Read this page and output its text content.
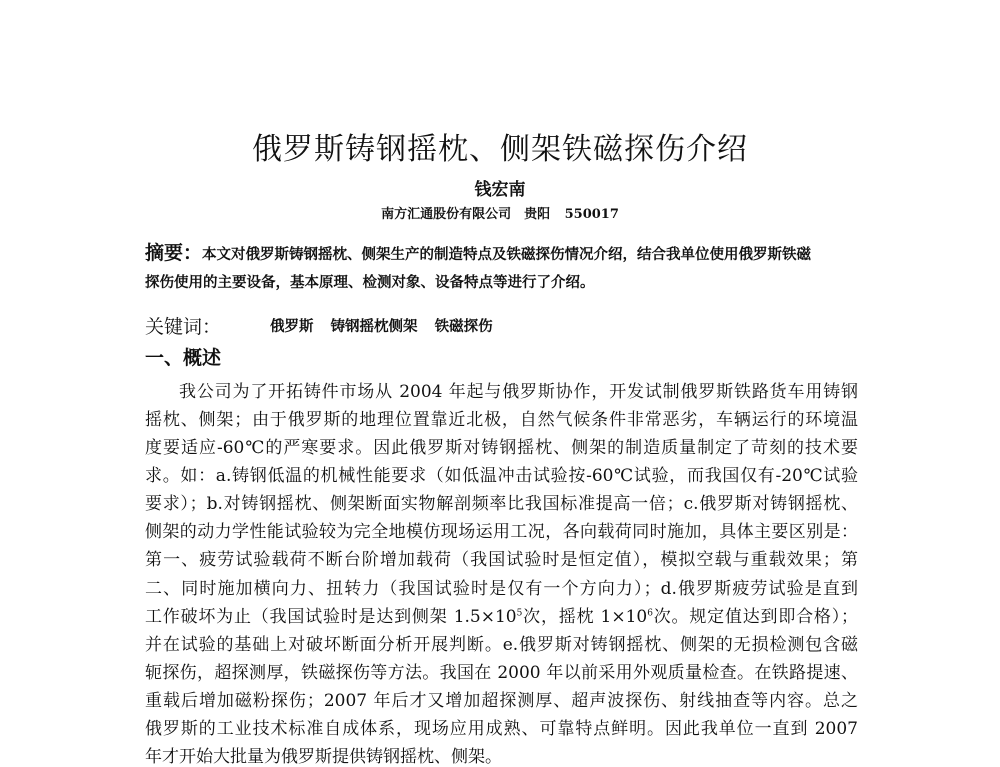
俄罗斯铸钢摇枕、侧架铁磁探伤介绍
钱宏南
南方汇通股份有限公司　贵阳 550017
摘要：本文对俄罗斯铸钢摇枕、侧架生产的制造特点及铁磁探伤情况介绍，结合我单位使用俄罗斯铁磁
探伤使用的主要设备，基本原理、检测对象、设备特点等进行了介绍。
关键词：	俄罗斯 铸钢摇枕侧架 铁磁探伤
一、概述
我公司为了开拓铸件市场从 2004 年起与俄罗斯协作，开发试制俄罗斯铁路货车用铸钢
摇枕、侧架；由于俄罗斯的地理位置靠近北极，自然气候条件非常恶劣，车辆运行的环境温
度要适应-60℃的严寒要求。因此俄罗斯对铸钢摇枕、侧架的制造质量制定了苛刻的技术要
求。如：a.铸钢低温的机械性能要求（如低温冲击试验按-60℃试验，而我国仅有-20℃试验
要求）；b.对铸钢摇枕、侧架断面实物解剖频率比我国标准提高一倍；c.俄罗斯对铸钢摇枕、
侧架的动力学性能试验较为完全地模仿现场运用工况，各向载荷同时施加，具体主要区别是：
第一、疲劳试验载荷不断台阶增加载荷（我国试验时是恒定值），模拟空载与重载效果；第
二、同时施加横向力、扭转力（我国试验时是仅有一个方向力）；d.俄罗斯疲劳试验是直到
工作破坏为止（我国试验时是达到侧架 $1.5\times 10^5$次，摇枕 $1\times 10^6$次。规定值达到即合格）；
并在试验的基础上对破坏断面分析开展判断。e.俄罗斯对铸钢摇枕、侧架的无损检测包含磁
轭探伤，超探测厚，铁磁探伤等方法。我国在 2000 年以前采用外观质量检查。在铁路提速、
重载后增加磁粉探伤；2007 年后才又增加超探测厚、超声波探伤、射线抽查等内容。总之
俄罗斯的工业技术标准自成体系，现场应用成熟、可靠特点鲜明。因此我单位一直到 2007
年才开始大批量为俄罗斯提供铸钢摇枕、侧架。
